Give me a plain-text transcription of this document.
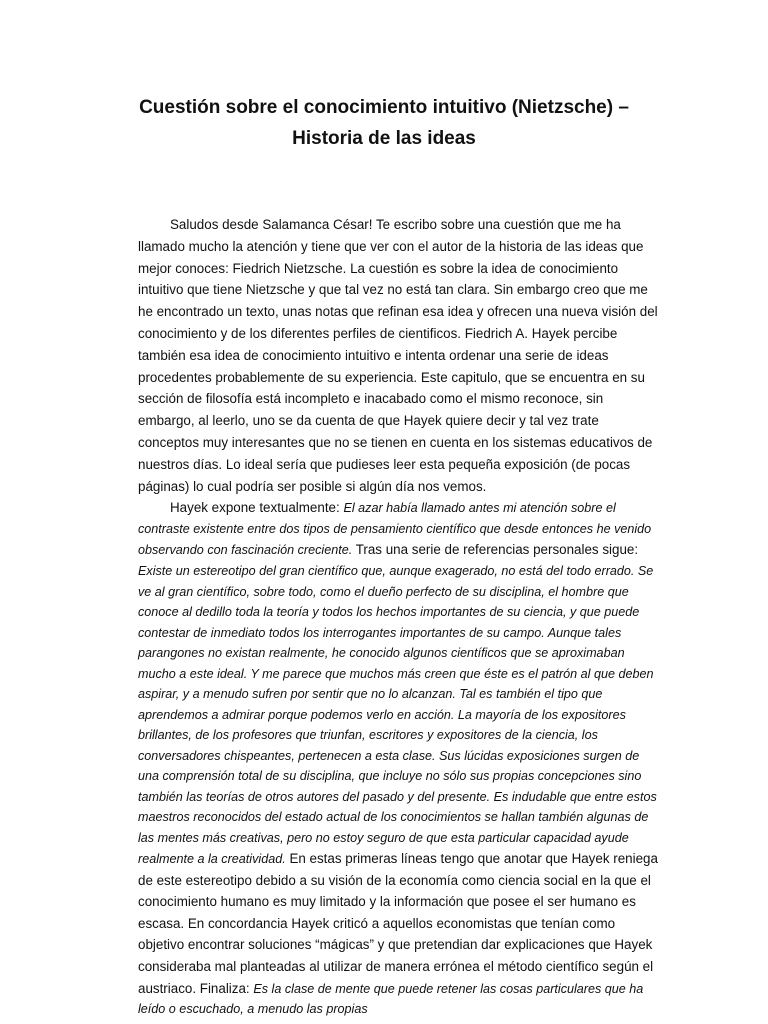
Cuestión sobre el conocimiento intuitivo (Nietzsche) –
Historia de las ideas

Saludos desde Salamanca César! Te escribo sobre una cuestión que me ha llamado mucho la atención y tiene que ver con el autor de la historia de las ideas que mejor conoces: Fiedrich Nietzsche. La cuestión es sobre la idea de conocimiento intuitivo que tiene Nietzsche y que tal vez no está tan clara. Sin embargo creo que me he encontrado un texto, unas notas que refinan esa idea y ofrecen una nueva visión del conocimiento y de los diferentes perfiles de cientificos. Fiedrich A. Hayek percibe también esa idea de conocimiento intuitivo e intenta ordenar una serie de ideas procedentes probablemente de su experiencia. Este capitulo, que se encuentra en su sección de filosofía está incompleto e inacabado como el mismo reconoce, sin embargo, al leerlo, uno se da cuenta de que Hayek quiere decir y tal vez trate conceptos muy interesantes que no se tienen en cuenta en los sistemas educativos de nuestros días. Lo ideal sería que pudieses leer esta pequeña exposición (de pocas páginas) lo cual podría ser posible si algún día nos vemos.

Hayek expone textualmente: El azar había llamado antes mi atención sobre el contraste existente entre dos tipos de pensamiento científico que desde entonces he venido observando con fascinación creciente. Tras una serie de referencias personales sigue: Existe un estereotipo del gran científico que, aunque exagerado, no está del todo errado. Se ve al gran científico, sobre todo, como el dueño perfecto de su disciplina, el hombre que conoce al dedillo toda la teoría y todos los hechos importantes de su ciencia, y que puede contestar de inmediato todos los interrogantes importantes de su campo. Aunque tales parangones no existan realmente, he conocido algunos científicos que se aproximaban mucho a este ideal. Y me parece que muchos más creen que éste es el patrón al que deben aspirar, y a menudo sufren por sentir que no lo alcanzan. Tal es también el tipo que aprendemos a admirar porque podemos verlo en acción. La mayoría de los expositores brillantes, de los profesores que triunfan, escritores y expositores de la ciencia, los conversadores chispeantes, pertenecen a esta clase. Sus lúcidas exposiciones surgen de una comprensión total de su disciplina, que incluye no sólo sus propias concepciones sino también las teorías de otros autores del pasado y del presente. Es indudable que entre estos maestros reconocidos del estado actual de los conocimientos se hallan también algunas de las mentes más creativas, pero no estoy seguro de que esta particular capacidad ayude realmente a la creatividad. En estas primeras líneas tengo que anotar que Hayek reniega de este estereotipo debido a su visión de la economía como ciencia social en la que el conocimiento humano es muy limitado y la información que posee el ser humano es escasa. En concordancia Hayek criticó a aquellos economistas que tenían como objetivo encontrar soluciones “mágicas” y que pretendian dar explicaciones que Hayek consideraba mal planteadas al utilizar de manera errónea el método científico según el austriaco. Finaliza: Es la clase de mente que puede retener las cosas particulares que ha leído o escuchado, a menudo las propias
